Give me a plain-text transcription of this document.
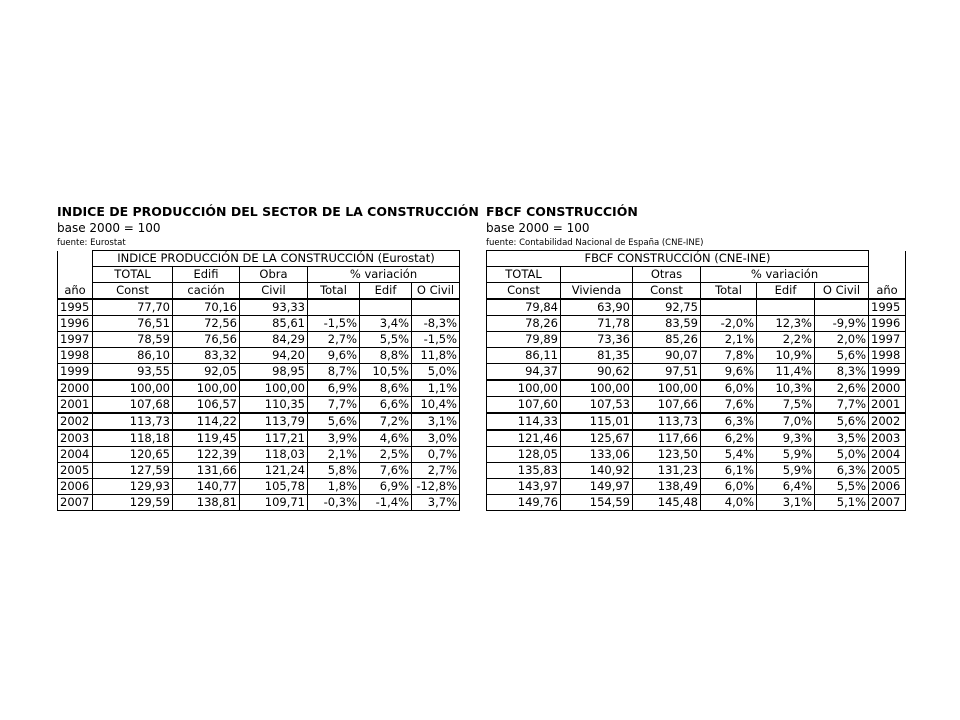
INDICE DE PRODUCCIÓN DEL SECTOR DE LA CONSTRUCCIÓN
base 2000 = 100
fuente: Eurostat
	INDICE PRODUCCIÓN DE LA CONSTRUCCIÓN (Eurostat)					
	TOTAL	Edifi	Obra	% variación		
año	Const	cación	Civil	Total	Edif	O Civil
1995	77,70	70,16	93,33			
1996	76,51	72,56	85,61	-1,5%	3,4%	-8,3%
1997	78,59	76,56	84,29	2,7%	5,5%	-1,5%
1998	86,10	83,32	94,20	9,6%	8,8%	11,8%
1999	93,55	92,05	98,95	8,7%	10,5%	5,0%
2000	100,00	100,00	100,00	6,9%	8,6%	1,1%
2001	107,68	106,57	110,35	7,7%	6,6%	10,4%
2002	113,73	114,22	113,79	5,6%	7,2%	3,1%
2003	118,18	119,45	117,21	3,9%	4,6%	3,0%
2004	120,65	122,39	118,03	2,1%	2,5%	0,7%
2005	127,59	131,66	121,24	5,8%	7,6%	2,7%
2006	129,93	140,77	105,78	1,8%	6,9%	-12,8%
2007	129,59	138,81	109,71	-0,3%	-1,4%	3,7%
FBCF CONSTRUCCIÓN
base 2000 = 100
fuente: Contabilidad Nacional de España (CNE-INE)
FBCF CONSTRUCCIÓN (CNE-INE)						
TOTAL		Otras	% variación			
Const	Vivienda	Const	Total	Edif	O Civil	año
79,84	63,90	92,75				1995
78,26	71,78	83,59	-2,0%	12,3%	-9,9%	1996
79,89	73,36	85,26	2,1%	2,2%	2,0%	1997
86,11	81,35	90,07	7,8%	10,9%	5,6%	1998
94,37	90,62	97,51	9,6%	11,4%	8,3%	1999
100,00	100,00	100,00	6,0%	10,3%	2,6%	2000
107,60	107,53	107,66	7,6%	7,5%	7,7%	2001
114,33	115,01	113,73	6,3%	7,0%	5,6%	2002
121,46	125,67	117,66	6,2%	9,3%	3,5%	2003
128,05	133,06	123,50	5,4%	5,9%	5,0%	2004
135,83	140,92	131,23	6,1%	5,9%	6,3%	2005
143,97	149,97	138,49	6,0%	6,4%	5,5%	2006
149,76	154,59	145,48	4,0%	3,1%	5,1%	2007
